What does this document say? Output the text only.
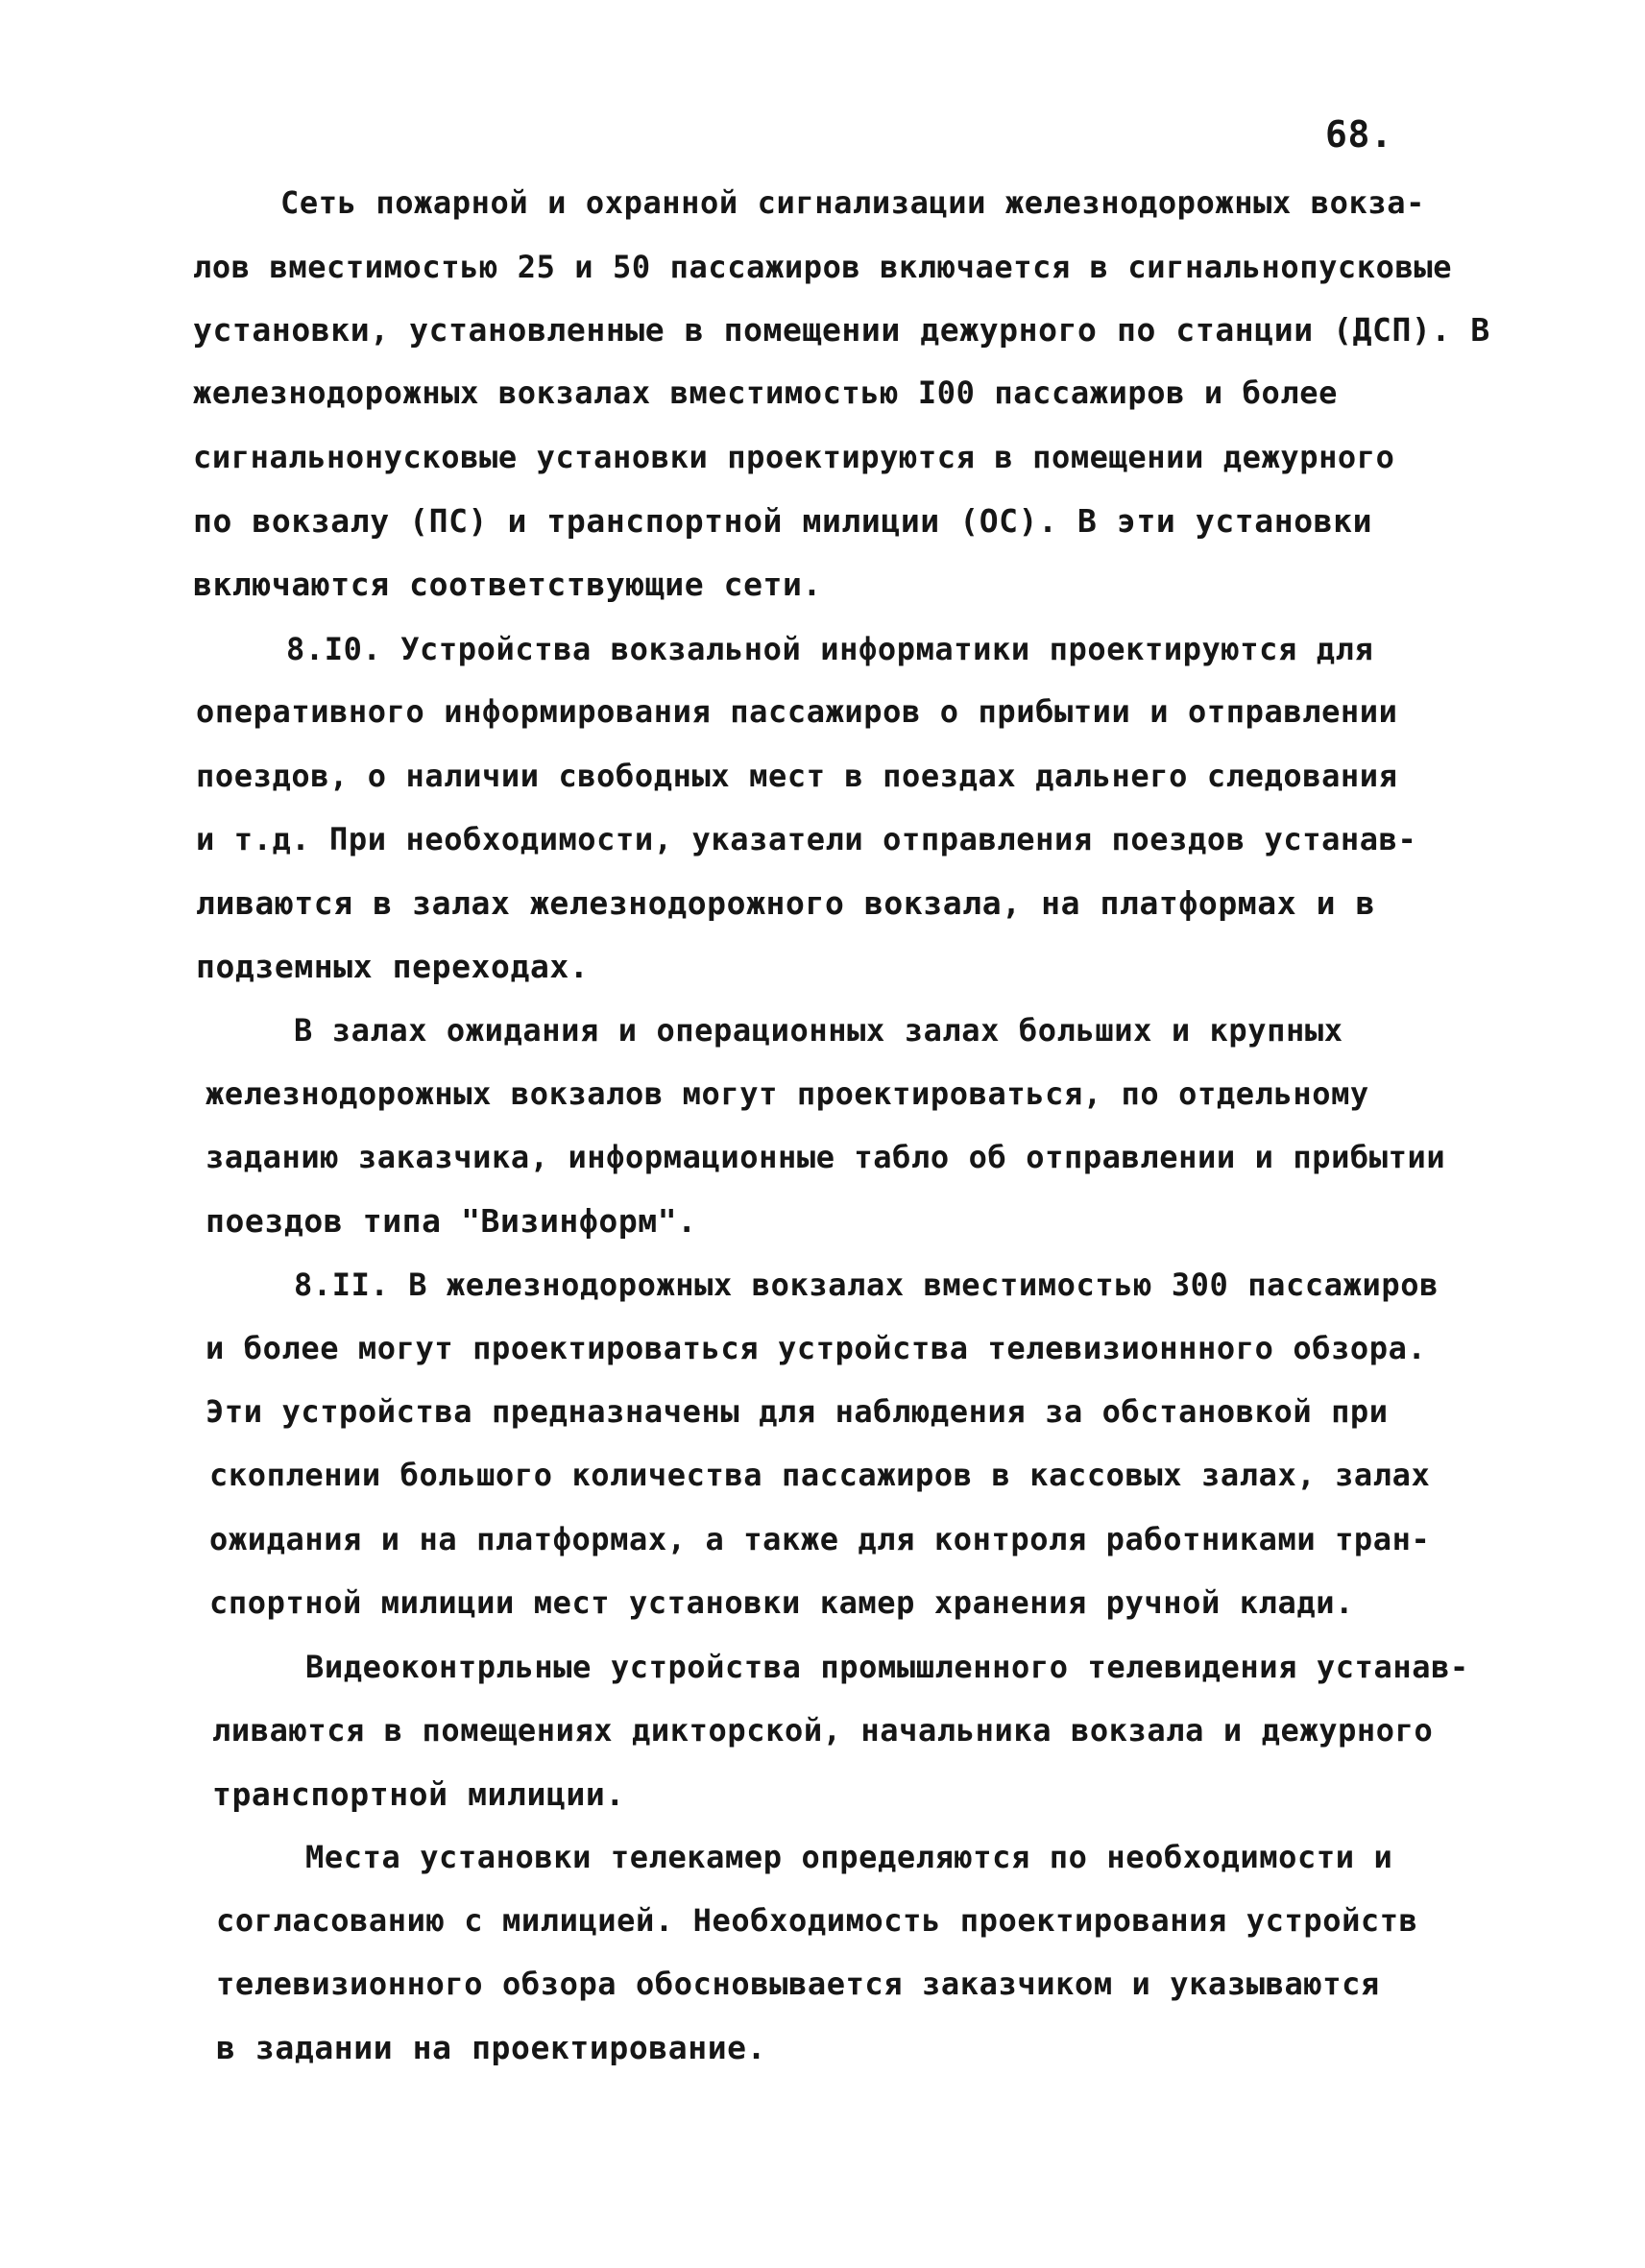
68.
Сеть пожарной и охранной сигнализации железнодорожных вокза-
лов вместимостью 25 и 50 пассажиров включается в сигнальнопусковые
установки, установленные в помещении дежурного по станции (ДСП). В
железнодорожных вокзалах вместимостью I00 пассажиров и более
сигнальнонусковые установки проектируются в помещении дежурного
по вокзалу (ПС) и транспортной милиции (ОС). В эти установки
включаются соответствующие сети.
8.I0. Устройства вокзальной информатики проектируются для
оперативного информирования пассажиров о прибытии и отправлении
поездов, о наличии свободных мест в поездах дальнего следования
и т.д. При необходимости, указатели отправления поездов устанав-
ливаются в залах железнодорожного вокзала, на платформах и в
подземных переходах.
В залах ожидания и операционных залах больших и крупных
железнодорожных вокзалов могут проектироваться, по отдельному
заданию заказчика, информационные табло об отправлении и прибытии
поездов типа "Визинформ".
8.II. В железнодорожных вокзалах вместимостью 300 пассажиров
и более могут проектироваться устройства телевизионнного обзора.
Эти устройства предназначены для наблюдения за обстановкой при
скоплении большого количества пассажиров в кассовых залах, залах
ожидания и на платформах, а также для контроля работниками тран-
спортной милиции мест установки камер хранения ручной клади.
Видеоконтрльные устройства промышленного телевидения устанав-
ливаются в помещениях дикторской, начальника вокзала и дежурного
транспортной милиции.
Места установки телекамер определяются по необходимости и
согласованию с милицией. Необходимость проектирования устройств
телевизионного обзора обосновывается заказчиком и указываются
в задании на проектирование.
